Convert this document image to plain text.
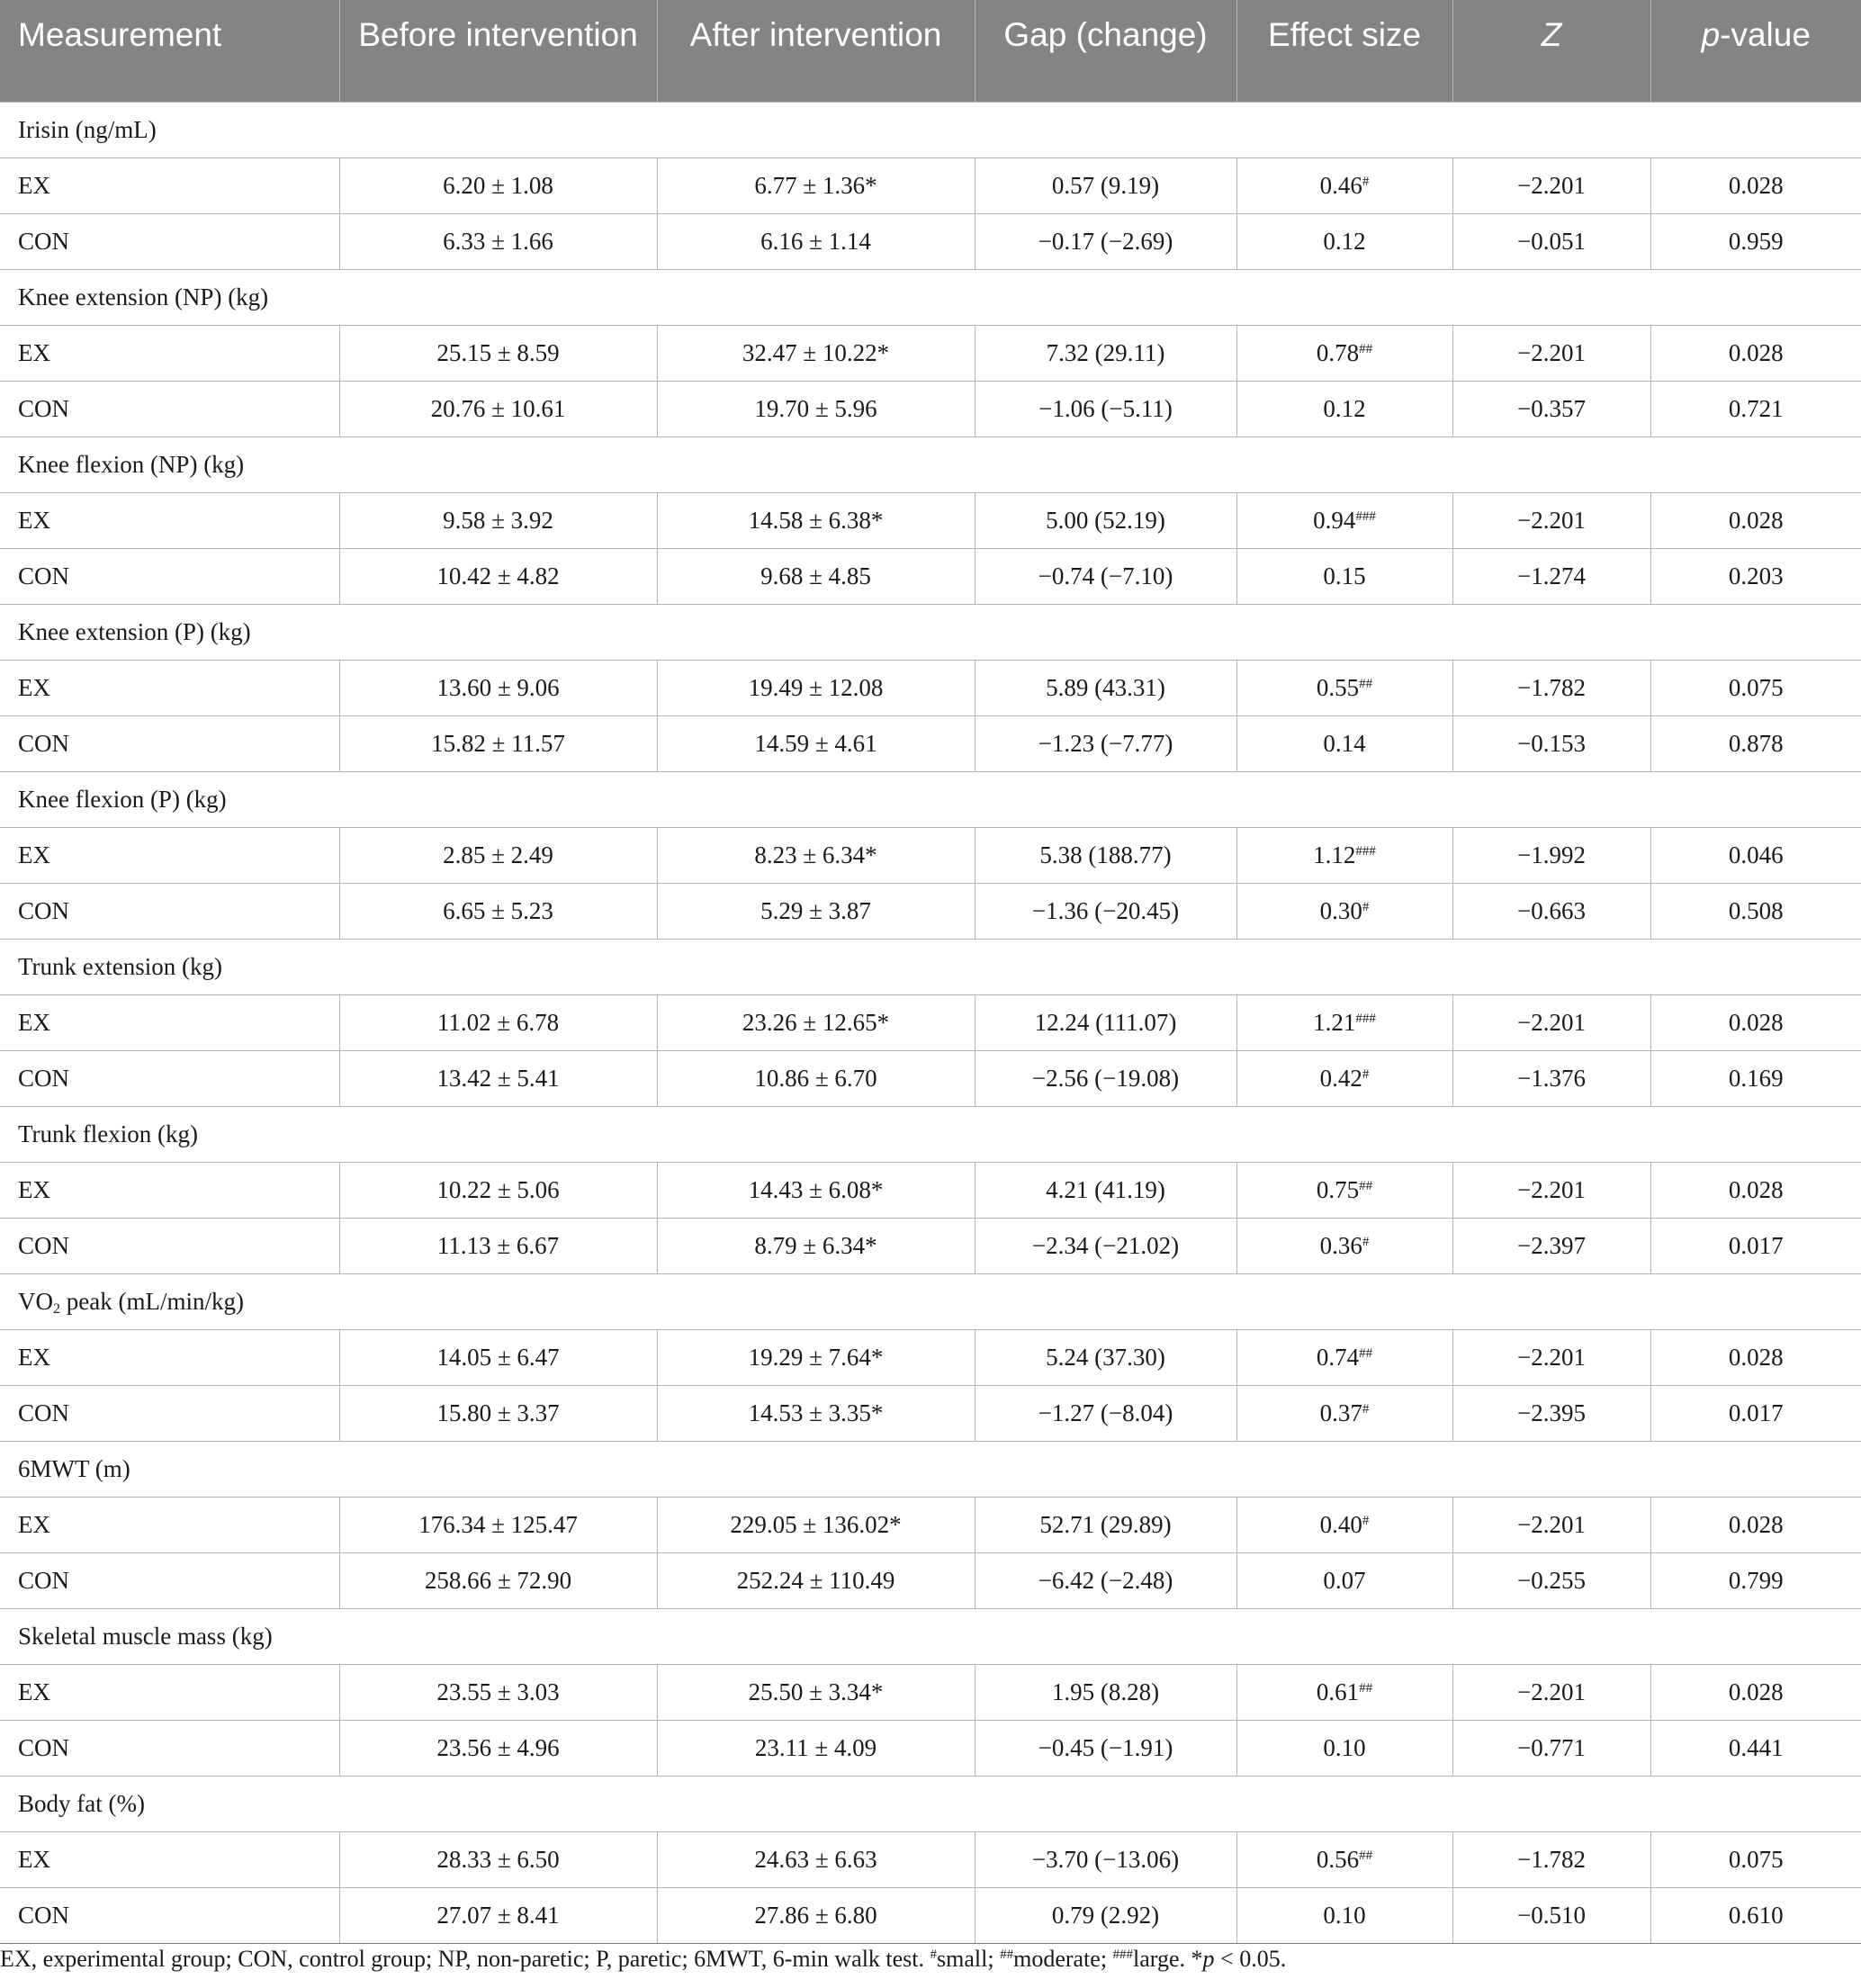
Measurement	Before intervention	After intervention	Gap (change)	Effect size	Z	p-value
Irisin (ng/mL)						
EX	6.20 ± 1.08	6.77 ± 1.36*	0.57 (9.19)	0.46#	−2.201	0.028
CON	6.33 ± 1.66	6.16 ± 1.14	−0.17 (−2.69)	0.12	−0.051	0.959
Knee extension (NP) (kg)						
EX	25.15 ± 8.59	32.47 ± 10.22*	7.32 (29.11)	0.78##	−2.201	0.028
CON	20.76 ± 10.61	19.70 ± 5.96	−1.06 (−5.11)	0.12	−0.357	0.721
Knee flexion (NP) (kg)						
EX	9.58 ± 3.92	14.58 ± 6.38*	5.00 (52.19)	0.94###	−2.201	0.028
CON	10.42 ± 4.82	9.68 ± 4.85	−0.74 (−7.10)	0.15	−1.274	0.203
Knee extension (P) (kg)						
EX	13.60 ± 9.06	19.49 ± 12.08	5.89 (43.31)	0.55##	−1.782	0.075
CON	15.82 ± 11.57	14.59 ± 4.61	−1.23 (−7.77)	0.14	−0.153	0.878
Knee flexion (P) (kg)						
EX	2.85 ± 2.49	8.23 ± 6.34*	5.38 (188.77)	1.12###	−1.992	0.046
CON	6.65 ± 5.23	5.29 ± 3.87	−1.36 (−20.45)	0.30#	−0.663	0.508
Trunk extension (kg)						
EX	11.02 ± 6.78	23.26 ± 12.65*	12.24 (111.07)	1.21###	−2.201	0.028
CON	13.42 ± 5.41	10.86 ± 6.70	−2.56 (−19.08)	0.42#	−1.376	0.169
Trunk flexion (kg)						
EX	10.22 ± 5.06	14.43 ± 6.08*	4.21 (41.19)	0.75##	−2.201	0.028
CON	11.13 ± 6.67	8.79 ± 6.34*	−2.34 (−21.02)	0.36#	−2.397	0.017
$VO_2$ peak (mL/min/kg)						
EX	14.05 ± 6.47	19.29 ± 7.64*	5.24 (37.30)	0.74##	−2.201	0.028
CON	15.80 ± 3.37	14.53 ± 3.35*	−1.27 (−8.04)	0.37#	−2.395	0.017
6MWT (m)						
EX	176.34 ± 125.47	229.05 ± 136.02*	52.71 (29.89)	0.40#	−2.201	0.028
CON	258.66 ± 72.90	252.24 ± 110.49	−6.42 (−2.48)	0.07	−0.255	0.799
Skeletal muscle mass (kg)						
EX	23.55 ± 3.03	25.50 ± 3.34*	1.95 (8.28)	0.61##	−2.201	0.028
CON	23.56 ± 4.96	23.11 ± 4.09	−0.45 (−1.91)	0.10	−0.771	0.441
Body fat (%)						
EX	28.33 ± 6.50	24.63 ± 6.63	−3.70 (−13.06)	0.56##	−1.782	0.075
CON	27.07 ± 8.41	27.86 ± 6.80	0.79 (2.92)	0.10	−0.510	0.610
EX, experimental group; CON, control group; NP, non-paretic; P, paretic; 6MWT, 6-min walk test. #small; ##moderate; ###large. *p < 0.05.
